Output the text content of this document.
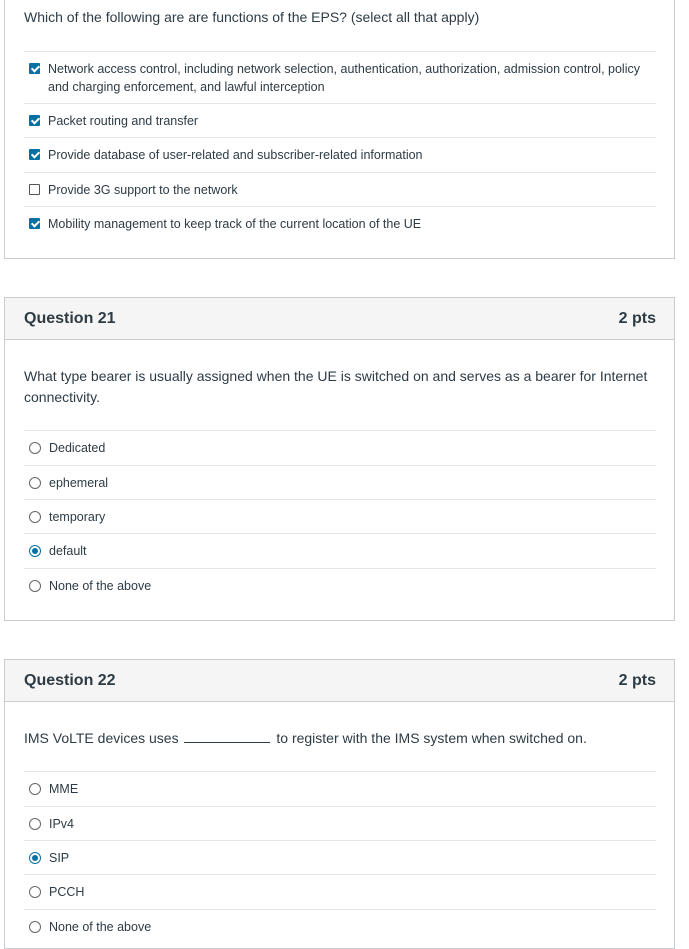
Which of the following are are functions of the EPS? (select all that apply)
Network access control, including network selection, authentication, authorization, admission control, policy and charging enforcement, and lawful interception
Packet routing and transfer
Provide database of user-related and subscriber-related information
Provide 3G support to the network
Mobility management to keep track of the current location of the UE
Question 21	2 pts
What type bearer is usually assigned when the UE is switched on and serves as a bearer for Internet connectivity.
Dedicated
ephemeral
temporary
default
None of the above
Question 22	2 pts
IMS VoLTE devices uses	to register with the IMS system when switched on.
MME
IPv4
SIP
PCCH
None of the above
